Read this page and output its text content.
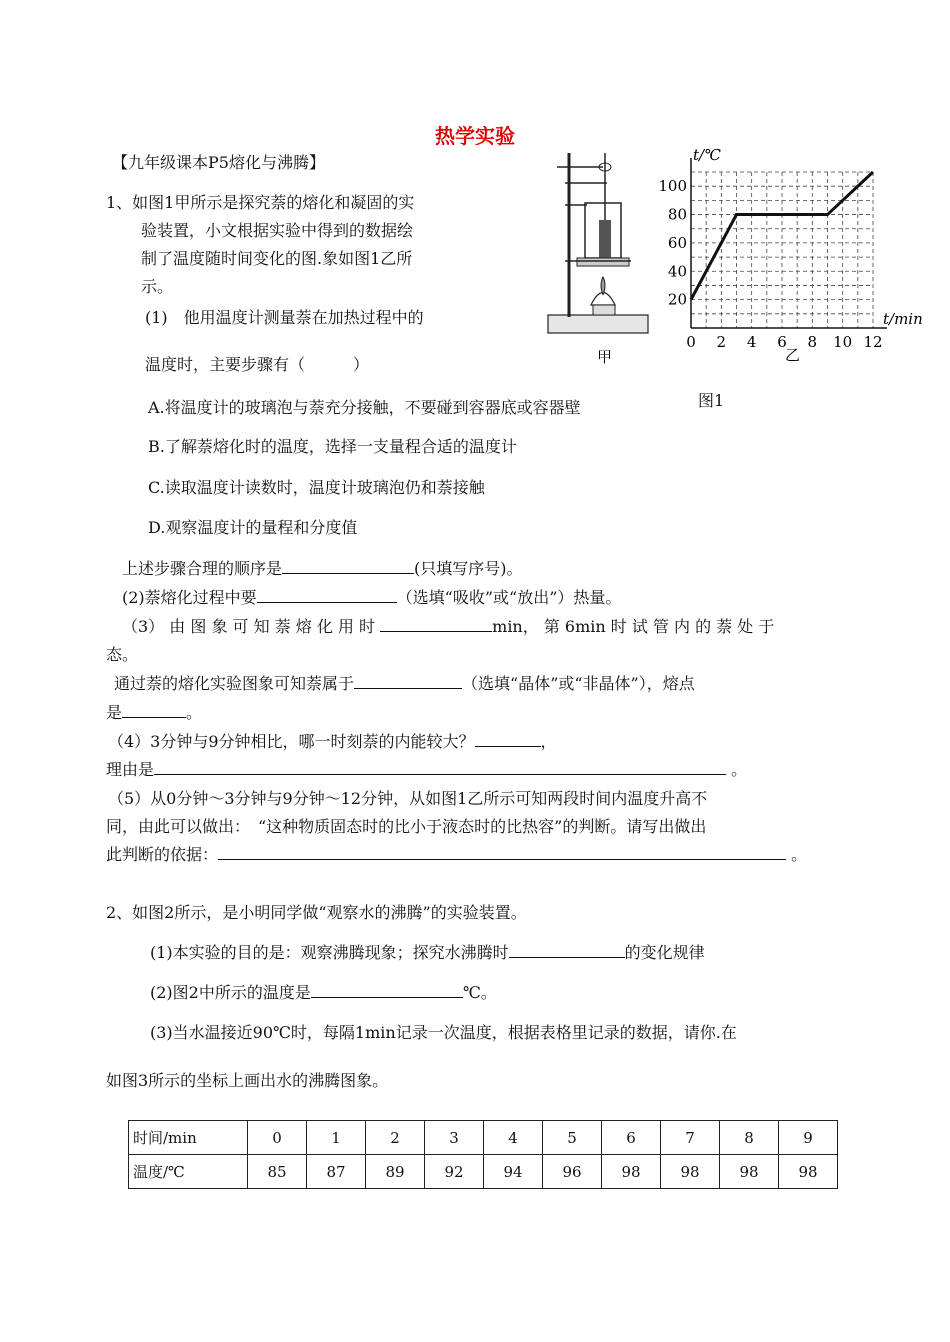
热学实验
【九年级课本P5熔化与沸腾】
1、如图1甲所示是探究萘的熔化和凝固的实
验装置，小文根据实验中得到的数据绘
制了温度随时间变化的图.象如图1乙所
示。
(1)　他用温度计测量萘在加热过程中的
温度时，主要步骤有（　　　）	甲
t/℃
t/min
0 2 4 6 8 10 12
20
40
60
80
100
乙
图1
A.将温度计的玻璃泡与萘充分接触，不要碰到容器底或容器壁
B.了解萘熔化时的温度，选择一支量程合适的温度计
C.读取温度计读数时，温度计玻璃泡仍和萘接触
D.观察温度计的量程和分度值
上述步骤合理的顺序是	(只填写序号)。
(2)萘熔化过程中要	（选填“吸收”或“放出”）热量。
（3） 由 图 象 可 知 萘 熔 化 用 时	min， 第 6min 时 试 管 内 的 萘 处 于
态。
通过萘的熔化实验图象可知萘属于	（选填“晶体”或“非晶体”），熔点
是	。
（4）3分钟与9分钟相比，哪一时刻萘的内能较大？	，
理由是	。
（5）从0分钟～3分钟与9分钟～12分钟，从如图1乙所示可知两段时间内温度升高不
同，由此可以做出：　“这种物质固态时的比小于液态时的比热容”的判断。请写出做出
此判断的依据：	。
2、如图2所示，是小明同学做“观察水的沸腾”的实验装置。
(1)本实验的目的是：观察沸腾现象；探究水沸腾时	的变化规律
(2)图2中所示的温度是	℃。
(3)当水温接近90℃时，每隔1min记录一次温度，根据表格里记录的数据，请你.在
如图3所示的坐标上画出水的沸腾图象。
时间/min	0	1	2	3	4	5	6	7	8	9
温度/℃	85	87	89	92	94	96	98	98	98	98
